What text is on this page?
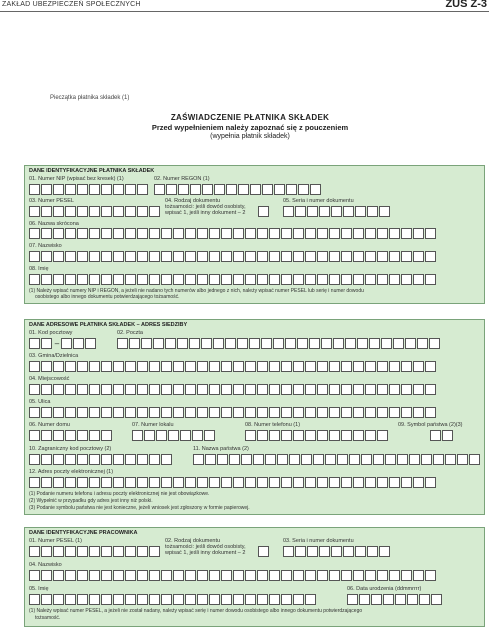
ZAKŁAD UBEZPIECZEŃ SPOŁECZNYCH	ZUS Z-3
Pieczątka płatnika składek (1)
ZAŚWIADCZENIE PŁATNIKA SKŁADEK
Przed wypełnieniem należy zapoznać się z pouczeniem
(wypełnia płatnik składek)
DANE IDENTYFIKACYJNE PŁATNIKA SKŁADEK
01. Numer NIP (wpisać bez kresek) (1)	02. Numer REGON (1)
03. Numer PESEL	04. Rodzaj dokumentu tożsamości: jeśli dowód osobisty, wpisać 1, jeśli inny dokument – 2
05. Seria i numer dokumentu
06. Nazwa skrócona
07. Nazwisko
08. Imię
(1) Należy wpisać numery NIP i REGON, a jeżeli nie nadano tych numerów albo jednego z nich, należy wpisać numer PESEL lub serię i numer dowodu
osobistego albo innego dokumentu potwierdzającego tożsamość.
DANE ADRESOWE PŁATNIKA SKŁADEK – ADRES SIEDZIBY
01. Kod pocztowy	02. Poczta
–
03. Gmina/Dzielnica
04. Miejscowość
05. Ulica
06. Numer domu	07. Numer lokalu	08. Numer telefonu (1)	09. Symbol państwa (2)(3)
10. Zagraniczny kod pocztowy (2)	11. Nazwa państwa (2)
12. Adres poczty elektronicznej (1)
(1) Podanie numeru telefonu i adresu poczty elektronicznej nie jest obowiązkowe.
(2) Wypełnić w przypadku gdy adres jest inny niż polski.
(3) Podanie symbolu państwa nie jest konieczne, jeżeli wniosek jest zgłoszony w formie papierowej.
DANE IDENTYFIKACYJNE PRACOWNIKA
01. Numer PESEL (1)	02. Rodzaj dokumentu tożsamości: jeśli dowód osobisty, wpisać 1, jeśli inny dokument – 2
03. Seria i numer dokumentu
04. Nazwisko
05. Imię	06. Data urodzenia (ddmmrrrr)
(1) Należy wpisać numer PESEL, a jeżeli nie został nadany, należy wpisać serię i numer dowodu osobistego albo innego dokumentu potwierdzającego
tożsamość.
